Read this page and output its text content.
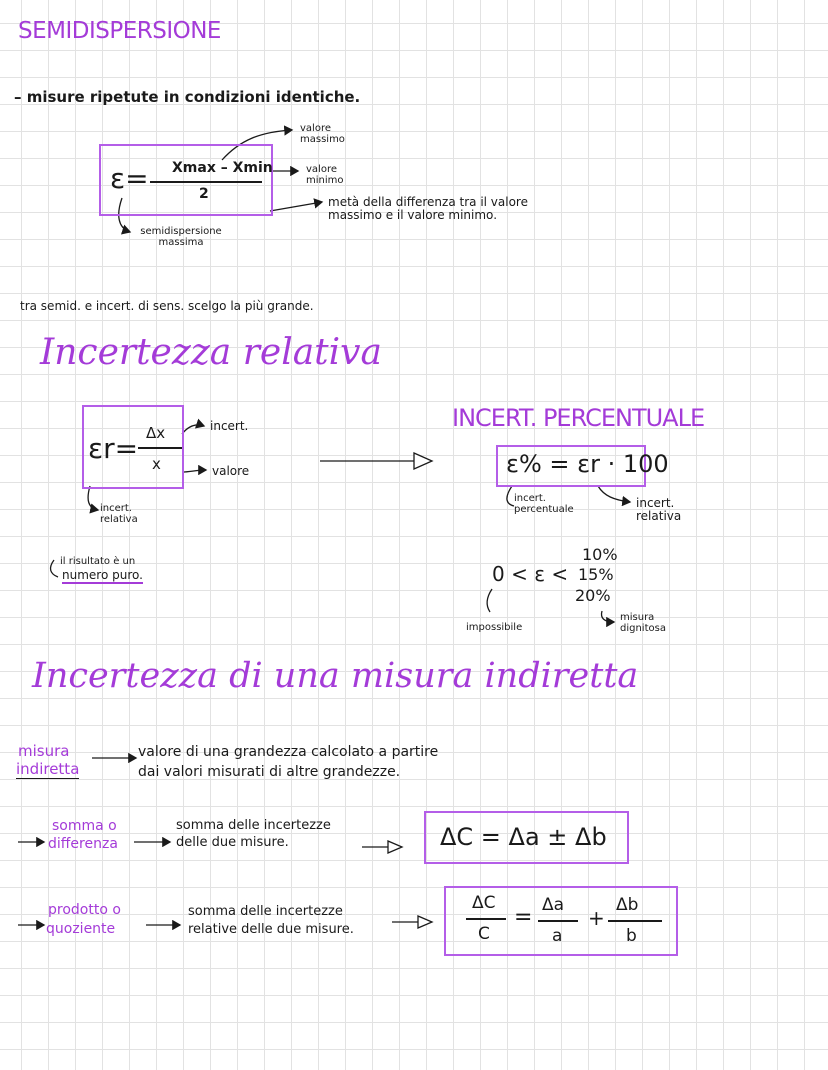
SEMIDISPERSIONE
– misure ripetute in condizioni identiche.
ε= Xmax – Xmin
2
valore massimo
valore minimo
metà della differenza tra il valore massimo e il valore minimo.
semidispersione massima
tra semid. e incert. di sens. scelgo la più grande.
Incertezza relativa
εr= Δx
x
incert.
valore
incert. relativa
il risultato è un
numero puro.
INCERT. PERCENTUALE
ε% = εr · 100
incert. percentuale	incert. relativa
0 < ε <
10%
15%
20%
impossibile
misura dignitosa
Incertezza di una misura indiretta
misura
indiretta
valore di una grandezza calcolato a partire
dai valori misurati di altre grandezze.
somma o
differenza
somma delle incertezze
delle due misure.	ΔC = Δa ± Δb
prodotto o
quoziente
somma delle incertezze
relative delle due misure.
ΔC
C
= Δa
a
+
Δb
b
